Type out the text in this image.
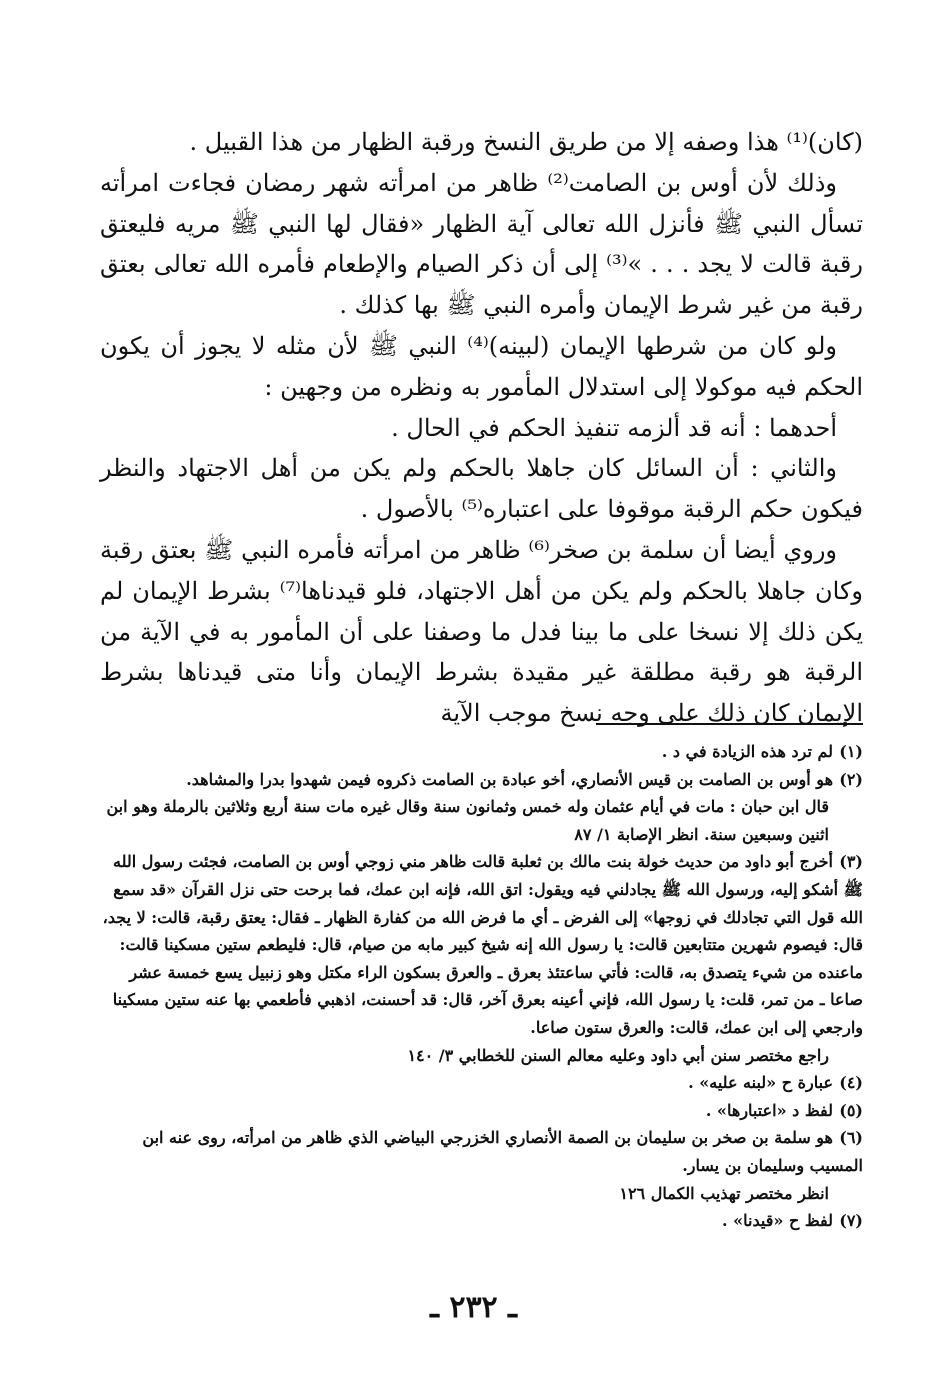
(كان)⁽¹⁾ هذا وصفه إلا من طريق النسخ ورقبة الظهار من هذا القبيل .

وذلك لأن أوس بن الصامت⁽²⁾ ظاهر من امرأته شهر رمضان فجاءت امرأته تسأل النبي ﷺ فأنزل الله تعالى آية الظهار «فقال لها النبي ﷺ مريه فليعتق رقبة قالت لا يجد . . . »⁽³⁾ إلى أن ذكر الصيام والإطعام فأمره الله تعالى بعتق رقبة من غير شرط الإيمان وأمره النبي ﷺ بها كذلك .

ولو كان من شرطها الإيمان (لبينه)⁽⁴⁾ النبي ﷺ لأن مثله لا يجوز أن يكون الحكم فيه موكولا إلى استدلال المأمور به ونظره من وجهين :

أحدهما : أنه قد ألزمه تنفيذ الحكم في الحال .

والثاني : أن السائل كان جاهلا بالحكم ولم يكن من أهل الاجتهاد والنظر فيكون حكم الرقبة موقوفا على اعتباره⁽⁵⁾ بالأصول .

وروي أيضا أن سلمة بن صخر⁽⁶⁾ ظاهر من امرأته فأمره النبي ﷺ بعتق رقبة وكان جاهلا بالحكم ولم يكن من أهل الاجتهاد، فلو قيدناها⁽⁷⁾ بشرط الإيمان لم يكن ذلك إلا نسخا على ما بينا فدل ما وصفنا على أن المأمور به في الآية من الرقبة هو رقبة مطلقة غير مقيدة بشرط الإيمان وأنا متى قيدناها بشرط الإيمان كان ذلك على وجه نسخ موجب الآية

(١)لم ترد هذه الزيادة في د .

(٢)هو أوس بن الصامت بن قيس الأنصاري، أخو عبادة بن الصامت ذكروه فيمن شهدوا بدرا والمشاهد.

قال ابن حبان : مات في أيام عثمان وله خمس وثمانون سنة وقال غيره مات سنة أربع وثلاثين بالرملة وهو ابن اثنين وسبعين سنة. انظر الإصابة ١/ ٨٧

(٣)أخرج أبو داود من حديث خولة بنت مالك بن ثعلبة قالت ظاهر مني زوجي أوس بن الصامت، فجئت رسول الله ﷺ أشكو إليه، ورسول الله ﷺ يجادلني فيه ويقول: اتق الله، فإنه ابن عمك، فما برحت حتى نزل القرآن «قد سمع الله قول التي تجادلك في زوجها» إلى الفرض ـ أي ما فرض الله من كفارة الظهار ـ فقال: يعتق رقبة، قالت: لا يجد، قال: فيصوم شهرين متتابعين قالت: يا رسول الله إنه شيخ كبير مابه من صيام، قال: فليطعم ستين مسكينا قالت: ماعنده من شيء يتصدق به، قالت: فأتي ساعتئذ بعرق ـ والعرق بسكون الراء مكتل وهو زنبيل يسع خمسة عشر صاعا ـ من تمر، قلت: يا رسول الله، فإني أعينه بعرق آخر، قال: قد أحسنت، اذهبي فأطعمي بها عنه ستين مسكينا وارجعي إلى ابن عمك، قالت: والعرق ستون صاعا.

راجع مختصر سنن أبي داود وعليه معالم السنن للخطابي ٣/ ١٤٠

(٤)عبارة ح «لبنه عليه» .

(٥)لفظ د «اعتبارها» .

(٦)هو سلمة بن صخر بن سليمان بن الصمة الأنصاري الخزرجي البياضي الذي ظاهر من امرأته، روى عنه ابن المسيب وسليمان بن يسار.

انظر مختصر تهذيب الكمال ١٢٦

(٧)لفظ ح «قيدنا» .

ـ ٢٣٢ ـ
